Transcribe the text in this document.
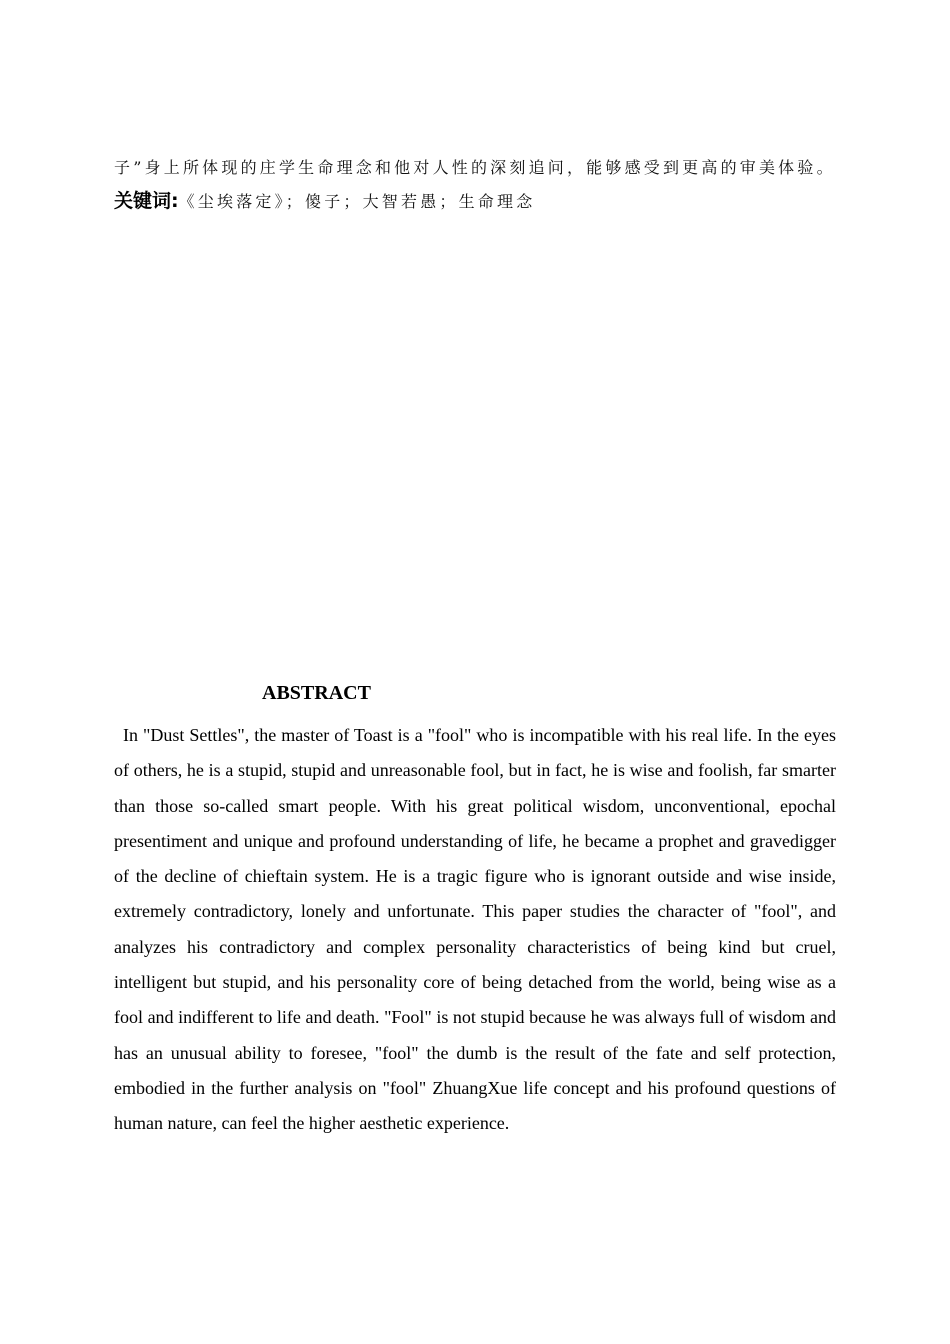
子”身上所体现的庄学生命理念和他对人性的深刻追问，能够感受到更高的审美体验。
关键词:《尘埃落定》；傻子；大智若愚；生命理念
ABSTRACT

In "Dust Settles", the master of Toast is a "fool" who is incompatible with his real life. In the eyes of others, he is a stupid, stupid and unreasonable fool, but in fact, he is wise and foolish, far smarter than those so-called smart people. With his great political wisdom, unconventional, epochal presentiment and unique and profound understanding of life, he became a prophet and gravedigger of the decline of chieftain system. He is a tragic figure who is ignorant outside and wise inside, extremely contradictory, lonely and unfortunate. This paper studies the character of "fool", and analyzes his contradictory and complex personality characteristics of being kind but cruel, intelligent but stupid, and his personality core of being detached from the world, being wise as a fool and indifferent to life and death. "Fool" is not stupid because he was always full of wisdom and has an unusual ability to foresee, "fool" the dumb is the result of the fate and self protection, embodied in the further analysis on "fool" ZhuangXue life concept and his profound questions of human nature, can feel the higher aesthetic experience.
